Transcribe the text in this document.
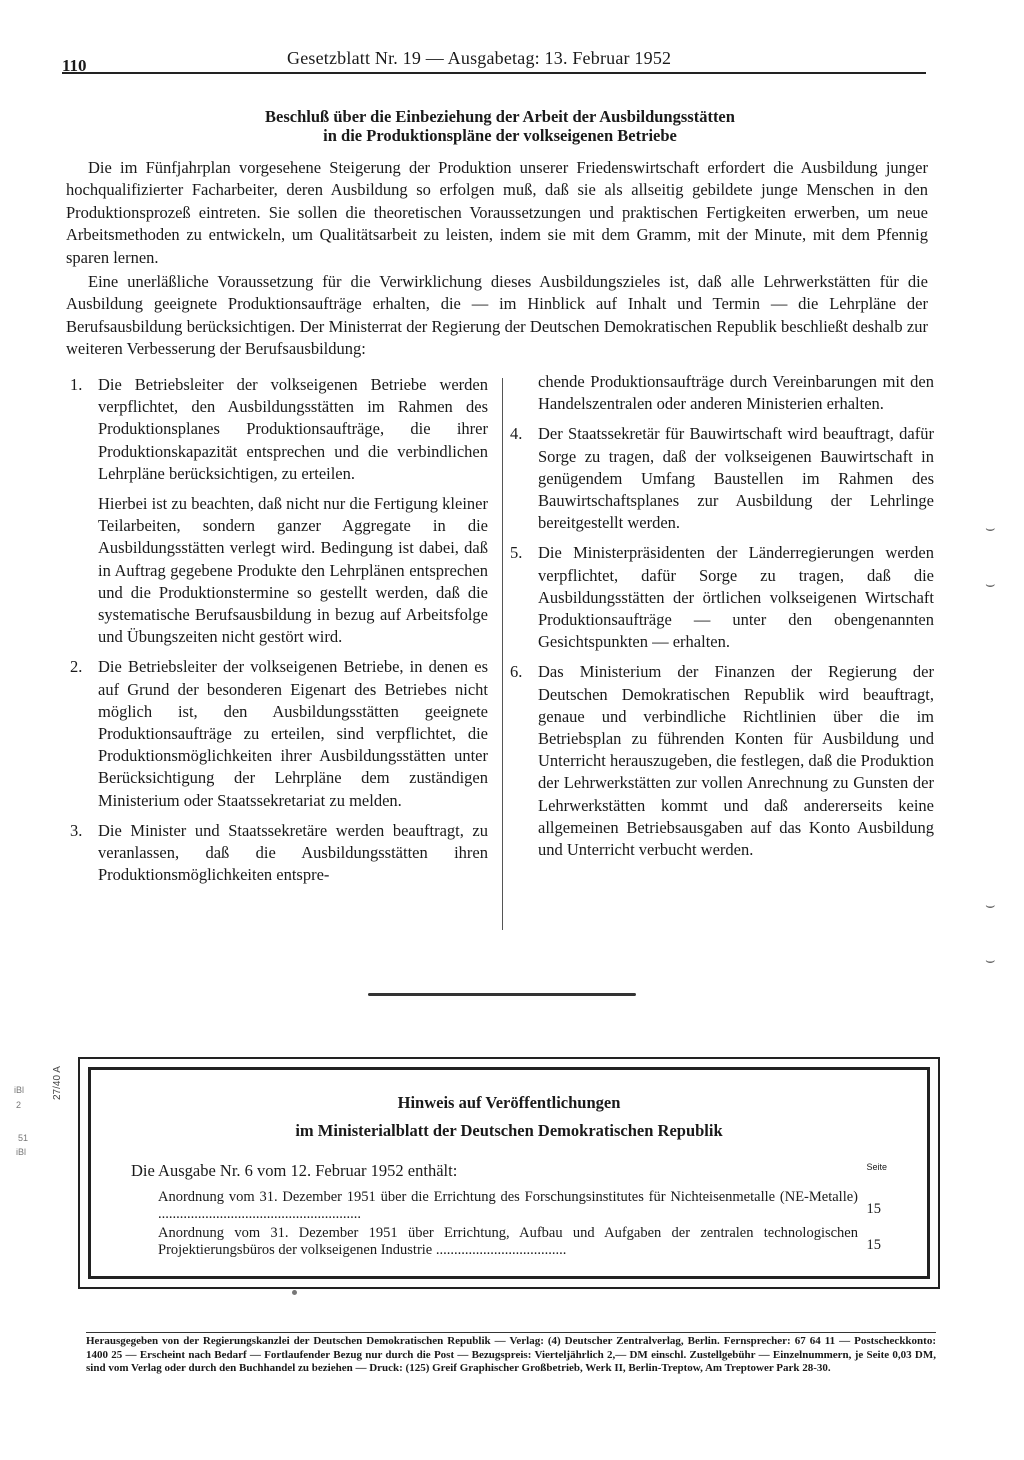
110	Gesetzblatt Nr. 19 — Ausgabetag: 13. Februar 1952
Beschluß über die Einbeziehung der Arbeit der Ausbildungsstätten
in die Produktionspläne der volkseigenen Betriebe
Die im Fünfjahrplan vorgesehene Steigerung der Produktion unserer Friedenswirtschaft erfordert die Ausbildung junger hochqualifizierter Facharbeiter, deren Ausbildung so erfolgen muß, daß sie als allseitig gebildete junge Menschen in den Produktionsprozeß eintreten. Sie sollen die theoretischen Voraussetzungen und praktischen Fertigkeiten erwerben, um neue Arbeitsmethoden zu entwickeln, um Qualitätsarbeit zu leisten, indem sie mit dem Gramm, mit der Minute, mit dem Pfennig sparen lernen.
Eine unerläßliche Voraussetzung für die Verwirklichung dieses Ausbildungszieles ist, daß alle Lehrwerkstätten für die Ausbildung geeignete Produktionsaufträge erhalten, die — im Hinblick auf Inhalt und Termin — die Lehrpläne der Berufsausbildung berücksichtigen. Der Ministerrat der Regierung der Deutschen Demokratischen Republik beschließt deshalb zur weiteren Verbesserung der Berufsausbildung:
1. Die Betriebsleiter der volkseigenen Betriebe werden verpflichtet, den Ausbildungsstätten im Rahmen des Produktionsplanes Produktionsaufträge, die ihrer Produktionskapazität entsprechen und die verbindlichen Lehrpläne berücksichtigen, zu erteilen.

Hierbei ist zu beachten, daß nicht nur die Fertigung kleiner Teilarbeiten, sondern ganzer Aggregate in die Ausbildungsstätten verlegt wird. Bedingung ist dabei, daß in Auftrag gegebene Produkte den Lehrplänen entsprechen und die Produktionstermine so gestellt werden, daß die systematische Berufsausbildung in bezug auf Arbeitsfolge und Übungszeiten nicht gestört wird.

2. Die Betriebsleiter der volkseigenen Betriebe, in denen es auf Grund der besonderen Eigenart des Betriebes nicht möglich ist, den Ausbildungsstätten geeignete Produktionsaufträge zu erteilen, sind verpflichtet, die Produktionsmöglichkeiten ihrer Ausbildungsstätten unter Berücksichtigung der Lehrpläne dem zuständigen Ministerium oder Staatssekretariat zu melden.

3. Die Minister und Staatssekretäre werden beauftragt, zu veranlassen, daß die Ausbildungsstätten ihren Produktionsmöglichkeiten entspre-

chende Produktionsaufträge durch Vereinbarungen mit den Handelszentralen oder anderen Ministerien erhalten.
4. Der Staatssekretär für Bauwirtschaft wird beauftragt, dafür Sorge zu tragen, daß der volkseigenen Bauwirtschaft in genügendem Umfang Baustellen im Rahmen des Bauwirtschaftsplanes zur Ausbildung der Lehrlinge bereitgestellt werden.

5. Die Ministerpräsidenten der Länderregierungen werden verpflichtet, dafür Sorge zu tragen, daß die Ausbildungsstätten der örtlichen volkseigenen Wirtschaft Produktionsaufträge — unter den obengenannten Gesichtspunkten — erhalten.

6. Das Ministerium der Finanzen der Regierung der Deutschen Demokratischen Republik wird beauftragt, genaue und verbindliche Richtlinien über die im Betriebsplan zu führenden Konten für Ausbildung und Unterricht herauszugeben, die festlegen, daß die Produktion der Lehrwerkstätten zur vollen Anrechnung zu Gunsten der Lehrwerkstätten kommt und daß andererseits keine allgemeinen Betriebsausgaben auf das Konto Ausbildung und Unterricht verbucht werden.

⌣
⌣
⌣
⌣
iBl
2
51
iBl
27/40 A
Hinweis auf Veröffentlichungen
im Ministerialblatt der Deutschen Demokratischen Republik
Die Ausgabe Nr. 6 vom 12. Februar 1952 enthält:	Seite
Anordnung vom 31. Dezember 1951 über die Errichtung des Forschungsinstitutes für Nichteisenmetalle (NE-Metalle) ........................................................	15
Anordnung vom 31. Dezember 1951 über Errichtung, Aufbau und Aufgaben der zentralen technologischen Projektierungsbüros der volkseigenen Industrie ....................................	15
Herausgegeben von der Regierungskanzlei der Deutschen Demokratischen Republik — Verlag: (4) Deutscher Zentralverlag, Berlin. Fernsprecher: 67 64 11 — Postscheckkonto: 1400 25 — Erscheint nach Bedarf — Fortlaufender Bezug nur durch die Post — Bezugspreis: Vierteljährlich 2,— DM einschl. Zustellgebühr — Einzelnummern, je Seite 0,03 DM, sind vom Verlag oder durch den Buchhandel zu beziehen — Druck: (125) Greif Graphischer Großbetrieb, Werk II, Berlin-Treptow, Am Treptower Park 28-30.
